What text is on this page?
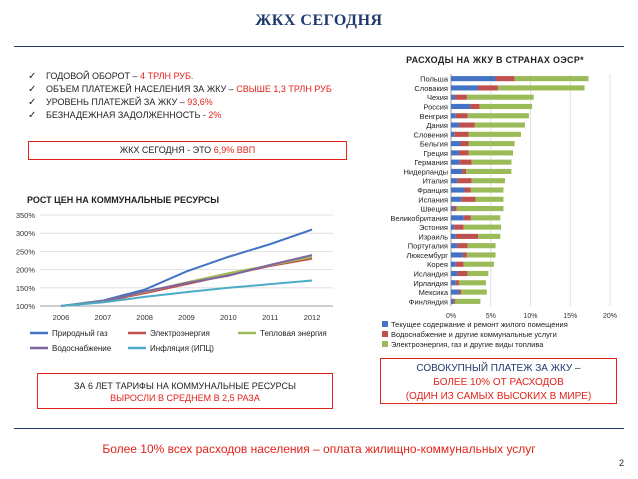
ЖКХ СЕГОДНЯ
✓ ГОДОВОЙ ОБОРОТ – 4 ТРЛН РУБ.
✓ ОБЪЕМ ПЛАТЕЖЕЙ НАСЕЛЕНИЯ ЗА ЖКУ – СВЫШЕ 1,3 ТРЛН РУБ
✓ УРОВЕНЬ ПЛАТЕЖЕЙ ЗА ЖКУ – 93,6%
✓ БЕЗНАДЕЖНАЯ ЗАДОЛЖЕННОСТЬ - 2%
ЖКХ СЕГОДНЯ - ЭТО 6,9% ВВП
РОСТ ЦЕН НА КОММУНАЛЬНЫЕ РЕСУРСЫ
100%
150%
200%
250%
300%
350%
2006	2007	2008	2009	2010	2011	2012
Природный газ	Электроэнергия	Тепловая энергия
Водоснабжение	Инфляция (ИПЦ)
ЗА 6 ЛЕТ ТАРИФЫ НА КОММУНАЛЬНЫЕ РЕСУРСЫ
ВЫРОСЛИ В СРЕДНЕМ В 2,5 РАЗА
РАСХОДЫ НА ЖКУ В СТРАНАХ ОЭСР*
0%	5%	10%	15%	20%
Польша
Словакия
Чехия
Россия
Венгрия
Дания
Словения
Бельгия
Греция
Германия
Нидерланды
Италия
Франция
Испания
Швеция
Великобритания
Эстония
Израиль
Португалия
Люксембург
Корея
Исландия
Ирландия
Мексика
Финляндия
Текущее содержание и ремонт жилого помещения
Водоснабжение и другие коммунальные услуги
Электроэнергия, газ и другие виды топлива
СОВОКУПНЫЙ ПЛАТЕЖ ЗА ЖКУ –
БОЛЕЕ 10% ОТ РАСХОДОВ
(ОДИН ИЗ САМЫХ ВЫСОКИХ В МИРЕ)
Более 10% всех расходов населения – оплата жилищно-коммунальных услуг
2
